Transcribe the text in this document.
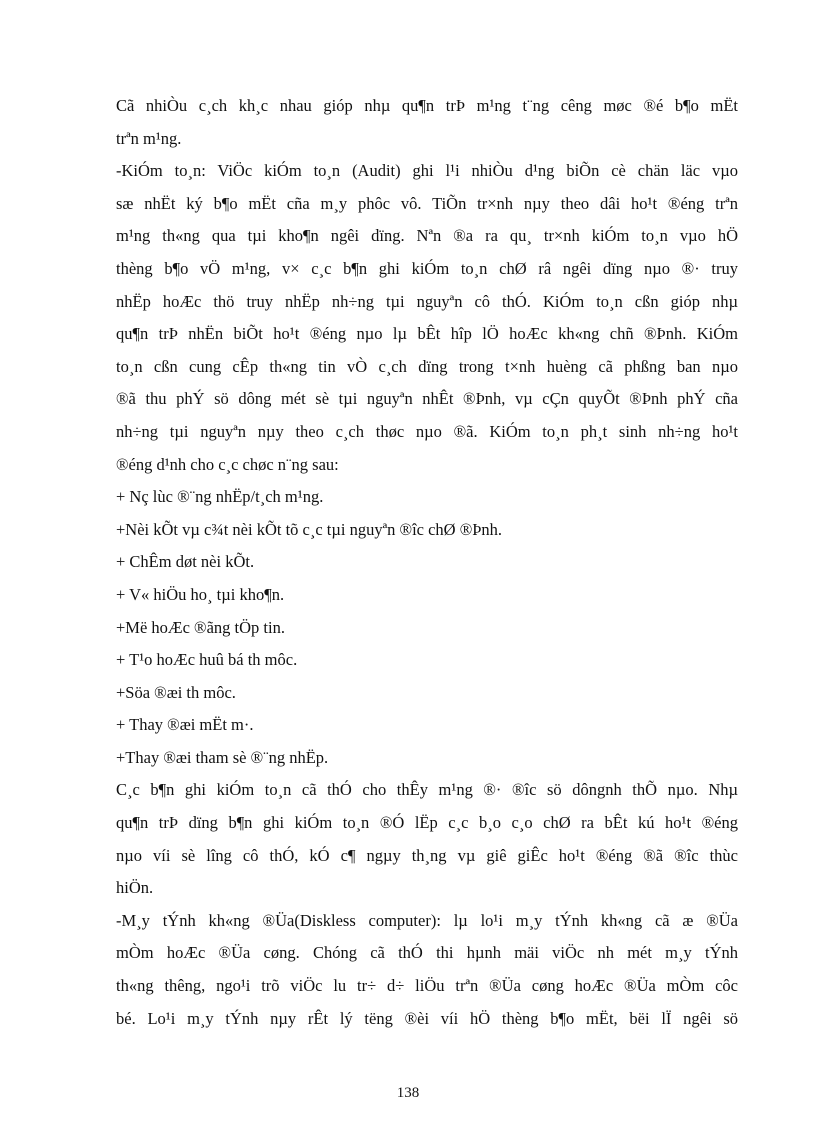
Cã nhiÒu c¸ch kh¸c nhau gióp nhµ qu¶n trÞ m¹ng t¨ng cêng møc ®é b¶o mËt
trªn m¹ng.
-KiÓm to¸n: ViÖc kiÓm to¸n (Audit) ghi l¹i nhiÒu d¹ng biÕn cè chän läc vµo
sæ nhËt ký b¶o mËt cña m¸y phôc vô. TiÕn tr×nh nµy theo dâi ho¹t ®éng trªn
m¹ng th«ng qua tµi kho¶n ngêi dïng. Nªn ®a ra qu¸ tr×nh kiÓm to¸n vµo hÖ
thèng b¶o vÖ m¹ng, v× c¸c b¶n ghi kiÓm to¸n chØ râ ngêi dïng nµo ®· truy
nhËp hoÆc thö truy nhËp nh÷ng tµi nguyªn cô thÓ. KiÓm to¸n cßn gióp nhµ
qu¶n trÞ nhËn biÕt ho¹t ®éng nµo lµ bÊt hîp lÖ hoÆc kh«ng chñ ®Þnh. KiÓm
to¸n cßn cung cÊp th«ng tin vÒ c¸ch dïng trong t×nh huèng cã phßng ban nµo
®ã thu phÝ sö dông mét sè tµi nguyªn nhÊt ®Þnh, vµ cÇn quyÕt ®Þnh phÝ cña
nh÷ng tµi nguyªn nµy theo c¸ch thøc nµo ®ã. KiÓm to¸n ph¸t sinh nh÷ng ho¹t
®éng d¹nh cho c¸c chøc n¨ng sau:
+ Nç lùc ®¨ng nhËp/t¸ch m¹ng.
+Nèi kÕt vµ c¾t nèi kÕt tõ c¸c tµi nguyªn ®îc chØ ®Þnh.
+ ChÊm døt nèi kÕt.
+ V« hiÖu ho¸ tµi kho¶n.
+Më hoÆc ®ãng tÖp tin.
+ T¹o hoÆc huû bá th môc.
+Söa ®æi th môc.
+ Thay ®æi mËt m·.
+Thay ®æi tham sè ®¨ng nhËp.
C¸c b¶n ghi kiÓm to¸n cã thÓ cho thÊy m¹ng ®· ®îc sö dôngnh thÕ nµo. Nhµ
qu¶n trÞ dïng b¶n ghi kiÓm to¸n ®Ó lËp c¸c b¸o c¸o chØ ra bÊt kú ho¹t ®éng
nµo víi sè lîng cô thÓ, kÓ c¶ ngµy th¸ng vµ giê giÊc ho¹t ®éng ®ã ®îc thùc
hiÖn.
-M¸y tÝnh kh«ng ®Üa(Diskless computer): lµ lo¹i m¸y tÝnh kh«ng cã æ ®Üa
mÒm hoÆc ®Üa cøng. Chóng cã thÓ thi hµnh mäi viÖc nh mét m¸y tÝnh
th«ng thêng, ngo¹i trõ viÖc lu tr÷ d÷ liÖu trªn ®Üa cøng hoÆc ®Üa mÒm côc
bé. Lo¹i m¸y tÝnh nµy rÊt lý tëng ®èi víi hÖ thèng b¶o mËt, bëi lÏ ngêi sö
138
